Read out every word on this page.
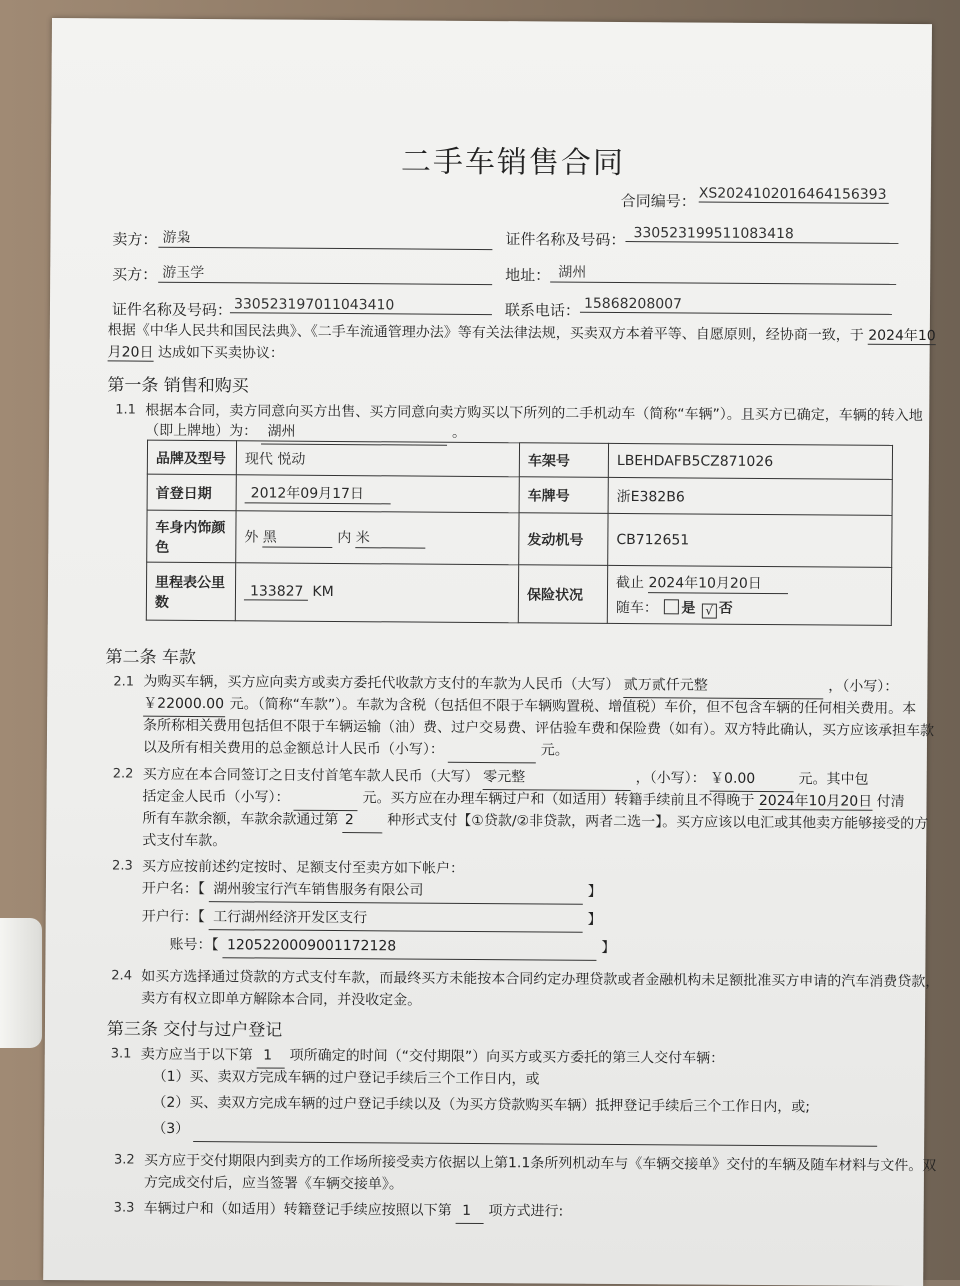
二手车销售合同
合同编号： XS2024102016464156393
卖方： 游枭	证件名称及号码： 330523199511083418
买方： 游玉学	地址： 湖州
证件名称及号码： 330523197011043410	联系电话： 15868208007
根据《中华人民共和国民法典》、《二手车流通管理办法》等有关法律法规，买卖双方本着平等、自愿原则，经协商一致，于 2024年10
月20日 达成如下买卖协议：
第一条 销售和购买
1.1 根据本合同，卖方同意向买方出售、买方同意向卖方购买以下所列的二手机动车（简称“车辆”）。且买方已确定，车辆的转入地
（即上牌地）为： 湖州	。
品牌及型号	现代 悦动	车架号	LBEHDAFB5CZ871026
首登日期	2012年09月17日	车牌号	浙E382B6
车身内饰颜色	外 黑 内 米	发动机号	CB712651
里程表公里数	133827 KM	保险状况	截止 2024年10月20日
随车： 是 √ 否
第二条 车款
2.1 为购买车辆，买方应向卖方或卖方委托代收款方支付的车款为人民币（大写） 贰万贰仟元整	，（小写）：
￥22000.00 元。（简称“车款”）。车款为含税（包括但不限于车辆购置税、增值税）车价，但不包含车辆的任何相关费用。本
条所称相关费用包括但不限于车辆运输（油）费、过户交易费、评估验车费和保险费（如有）。双方特此确认，买方应该承担车款
以及所有相关费用的总金额总计人民币（小写）：	元。
2.2 买方应在本合同签订之日支付首笔车款人民币（大写） 零元整	，（小写）： ￥0.00	元。其中包
括定金人民币（小写）：	元。买方应在办理车辆过户和（如适用）转籍手续前且不得晚于 2024年10月20日 付清
所有车款余额，车款余款通过第 2 种形式支付【①贷款/②非贷款，两者二选一】。买方应该以电汇或其他卖方能够接受的方
式支付车款。
2.3 买方应按前述约定按时、足额支付至卖方如下帐户：
开户名：【 湖州骏宝行汽车销售服务有限公司	】
开户行：【 工行湖州经济开发区支行	】
账号：【 1205220009001172128	】
2.4 如买方选择通过贷款的方式支付车款，而最终买方未能按本合同约定办理贷款或者金融机构未足额批准买方申请的汽车消费贷款，
卖方有权立即单方解除本合同，并没收定金。
第三条 交付与过户登记
3.1 卖方应当于以下第 1 项所确定的时间（“交付期限”）向买方或买方委托的第三人交付车辆：
（1）买、卖双方完成车辆的过户登记手续后三个工作日内，或
（2）买、卖双方完成车辆的过户登记手续以及（为买方贷款购买车辆）抵押登记手续后三个工作日内，或;
（3）
3.2 买方应于交付期限内到卖方的工作场所接受卖方依据以上第1.1条所列机动车与《车辆交接单》交付的车辆及随车材料与文件。双
方完成交付后，应当签署《车辆交接单》。
3.3 车辆过户和（如适用）转籍登记手续应按照以下第 1 项方式进行:
